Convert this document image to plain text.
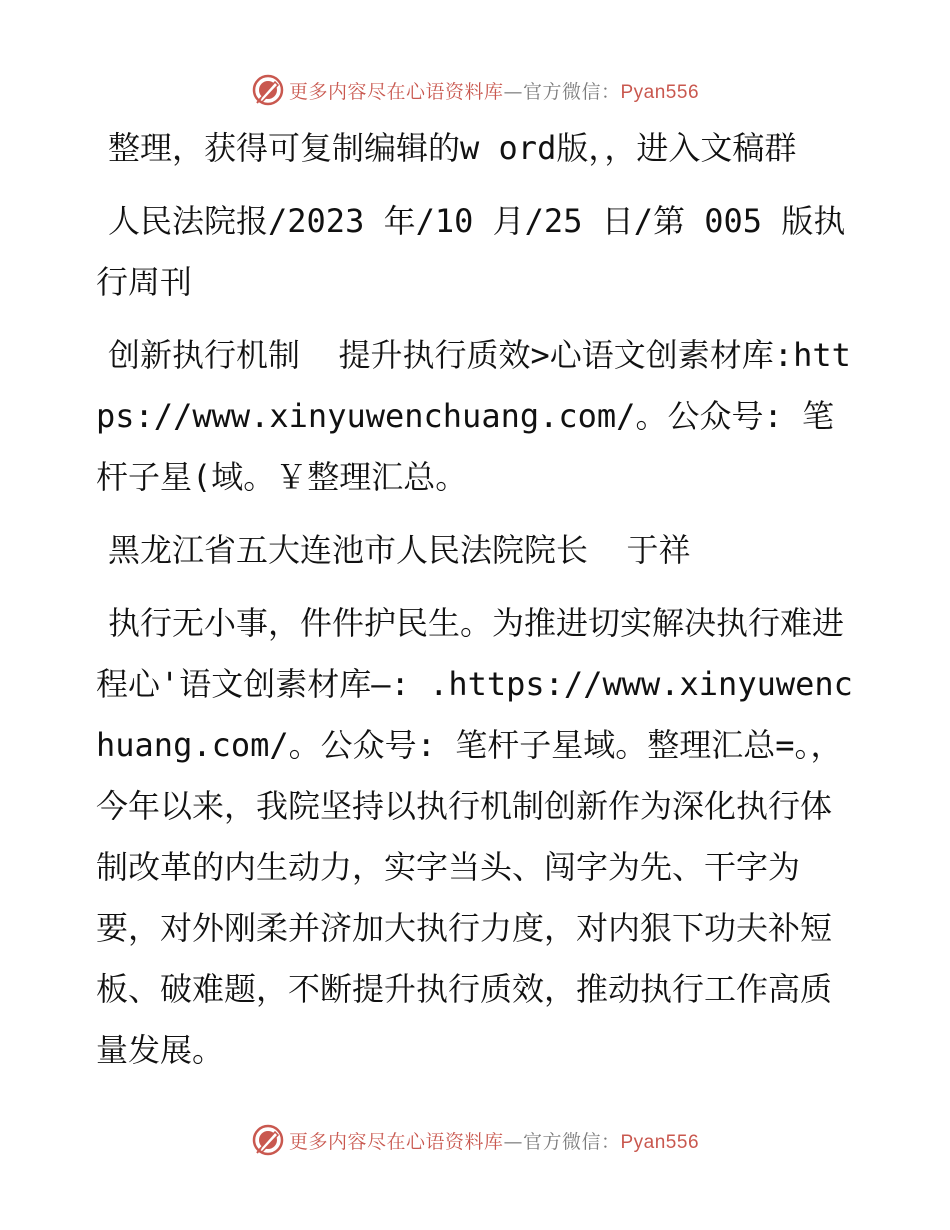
更多内容尽在心语资料库—官方微信：Pyan556

整理，获得可复制编辑的w ord版，，进入文稿群

人民法院报/2023 年/10 月/25 日/第 005 版执行周刊

创新执行机制  提升执行质效>心语文创素材库:https://www.xinyuwenchuang.com/。公众号: 笔杆子星(域。￥整理汇总。

黑龙江省五大连池市人民法院院长  于祥

执行无小事，件件护民生。为推进切实解决执行难进程心'语文创素材库—: .https://www.xinyuwenchuang.com/。公众号: 笔杆子星域。整理汇总=。，今年以来，我院坚持以执行机制创新作为深化执行体制改革的内生动力，实字当头、闯字为先、干字为要，对外刚柔并济加大执行力度，对内狠下功夫补短板、破难题，不断提升执行质效，推动执行工作高质量发展。

更多内容尽在心语资料库—官方微信：Pyan556
